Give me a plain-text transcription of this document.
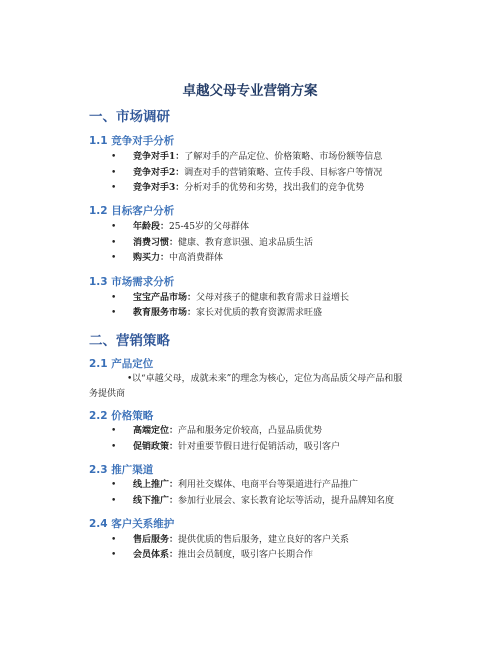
卓越父母专业营销方案
一、市场调研
1.1 竞争对手分析
• 竞争对手1：了解对手的产品定位、价格策略、市场份额等信息
• 竞争对手2：调查对手的营销策略、宣传手段、目标客户等情况
• 竞争对手3：分析对手的优势和劣势，找出我们的竞争优势
1.2 目标客户分析
• 年龄段：25-45岁的父母群体
• 消费习惯：健康、教育意识强、追求品质生活
• 购买力：中高消费群体
1.3 市场需求分析
• 宝宝产品市场：父母对孩子的健康和教育需求日益增长
• 教育服务市场：家长对优质的教育资源需求旺盛
二、营销策略
2.1 产品定位
• 以“卓越父母，成就未来”的理念为核心，定位为高品质父母产品和服
务提供商
2.2 价格策略
• 高端定位：产品和服务定价较高，凸显品质优势
• 促销政策：针对重要节假日进行促销活动，吸引客户
2.3 推广渠道
• 线上推广：利用社交媒体、电商平台等渠道进行产品推广
• 线下推广：参加行业展会、家长教育论坛等活动，提升品牌知名度
2.4 客户关系维护
• 售后服务：提供优质的售后服务，建立良好的客户关系
• 会员体系：推出会员制度，吸引客户长期合作
